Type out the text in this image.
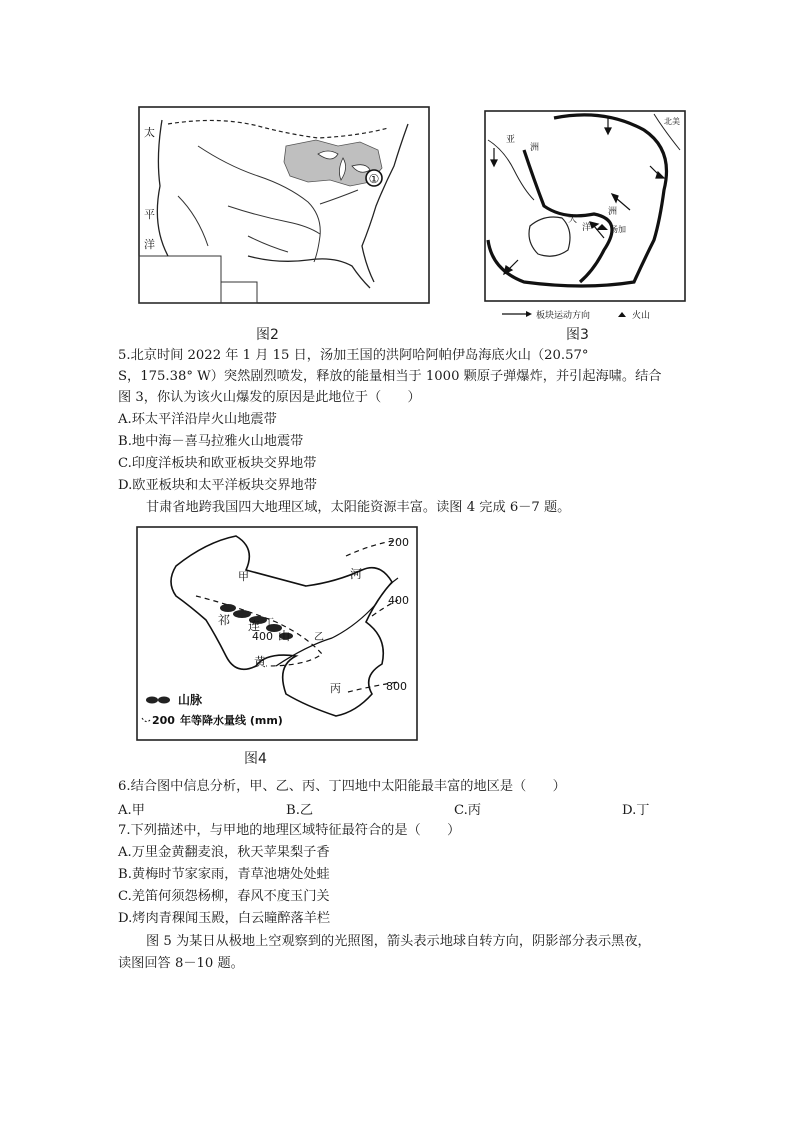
①
太
平
洋
图2
亚
洲
北美
洲
大
洋 汤加
板块运动方向	火山
图3
5.北京时间 2022 年 1 月 15 日，汤加王国的洪阿哈阿帕伊岛海底火山（20.57°
S，175.38° W）突然剧烈喷发，释放的能量相当于 1000 颗原子弹爆炸，并引起海啸。结合
图 3，你认为该火山爆发的原因是此地位于（　　）
A.环太平洋沿岸火山地震带
B.地中海－喜马拉雅火山地震带
C.印度洋板块和欧亚板块交界地带
D.欧亚板块和太平洋板块交界地带
甘肃省地跨我国四大地理区域，太阳能资源丰富。读图 4 完成 6－7 题。
甲
祁 连 丁
400 山 乙
黄
河
丙
200
400
800
山脉
200 年等降水量线 (mm)
图4
6.结合图中信息分析，甲、乙、丙、丁四地中太阳能最丰富的地区是（　　）
A.甲	B.乙	C.丙	D.丁
7.下列描述中，与甲地的地理区域特征最符合的是（　　）
A.万里金黄翻麦浪，秋天苹果梨子香
B.黄梅时节家家雨，青草池塘处处蛙
C.羌笛何须怨杨柳，春风不度玉门关
D.烤肉青稞闻玉殿，白云瞳醉落羊栏
图 5 为某日从极地上空观察到的光照图，箭头表示地球自转方向，阴影部分表示黑夜，
读图回答 8－10 题。
